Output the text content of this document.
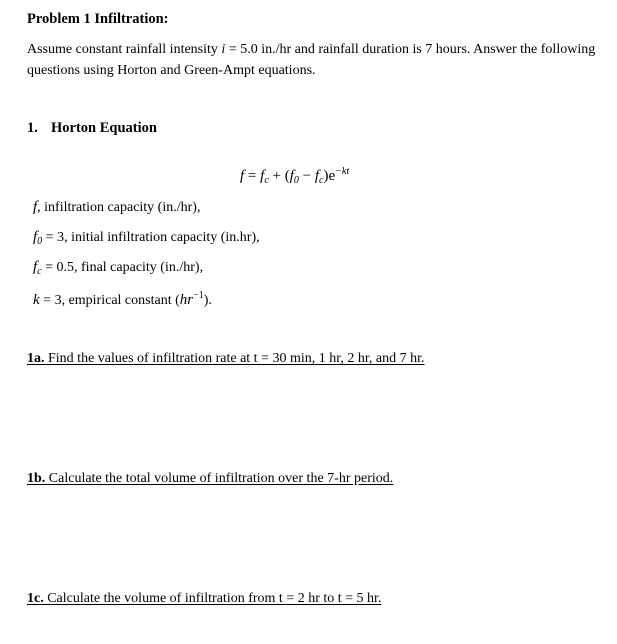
Problem 1 Infiltration:
Assume constant rainfall intensity i = 5.0 in./hr and rainfall duration is 7 hours. Answer the following questions using Horton and Green-Ampt equations.
1. Horton Equation
$f = f_c + (f_0 - f_c)e^{-kt}$
f, infiltration capacity (in./hr),
$f_0 = 3$, initial infiltration capacity (in.hr),
$f_c = 0.5$, final capacity (in./hr),
k = 3, empirical constant $(hr^{-1})$.
1a. Find the values of infiltration rate at t = 30 min, 1 hr, 2 hr, and 7 hr.
1b. Calculate the total volume of infiltration over the 7-hr period.
1c. Calculate the volume of infiltration from t = 2 hr to t = 5 hr.
